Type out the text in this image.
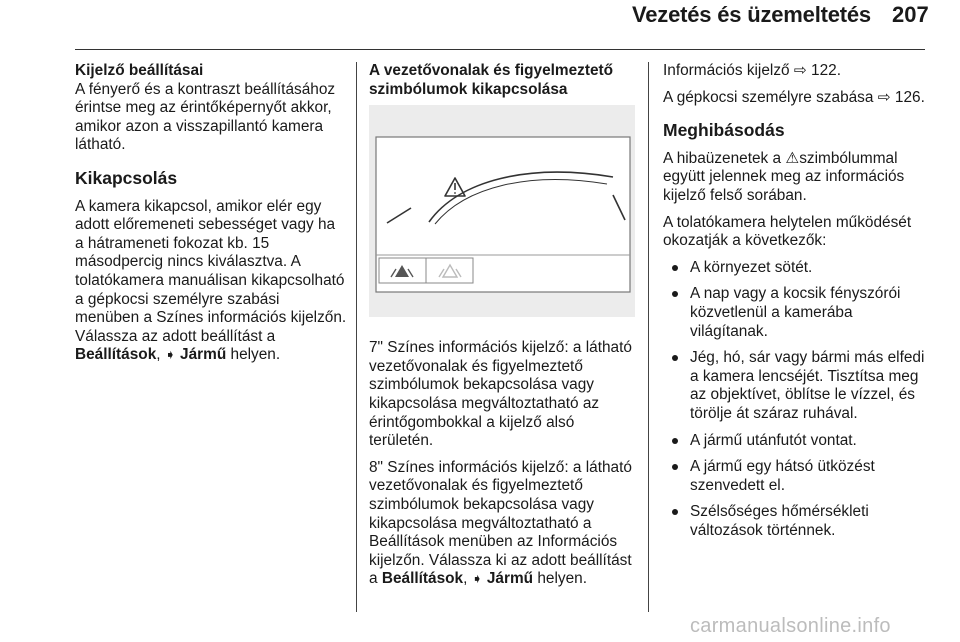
Vezetés és üzemeltetés 207

Kijelző beállításai

A fényerő és a kontraszt beállításához érintse meg az érintőképernyőt akkor, amikor azon a visszapillantó kamera látható.

Kikapcsolás

A kamera kikapcsol, amikor elér egy adott előremeneti sebességet vagy ha a hátrameneti fokozat kb. 15 másodpercig nincs kiválasztva. A tolatókamera manuálisan kikapcsolható a gépkocsi személyre szabási menüben a Színes információs kijelzőn. Válassza az adott beállítást a Beállítások, ➧ Jármű helyen.

A vezetővonalak és figyelmeztető szimbólumok kikapcsolása

7" Színes információs kijelző: a látható vezetővonalak és figyelmeztető szimbólumok bekapcsolása vagy kikapcsolása megváltoztatható az érintőgombokkal a kijelző alsó területén.

8" Színes információs kijelző: a látható vezetővonalak és figyelmeztető szimbólumok bekapcsolása vagy kikapcsolása megváltoztatható a Beállítások menüben az Információs kijelzőn. Válassza ki az adott beállítást a Beállítások, ➧ Jármű helyen.

Információs kijelző ⇨ 122.

A gépkocsi személyre szabása ⇨ 126.

Meghibásodás

A hibaüzenetek a ⚠szimbólummal együtt jelennek meg az információs kijelző felső sorában.

A tolatókamera helytelen működését okozatják a következők:

A környezet sötét.
A nap vagy a kocsik fényszórói közvetlenül a kamerába világítanak.
Jég, hó, sár vagy bármi más elfedi a kamera lencséjét. Tisztítsa meg az objektívet, öblítse le vízzel, és törölje át száraz ruhával.
A jármű utánfutót vontat.
A jármű egy hátsó ütközést szenvedett el.
Szélsőséges hőmérsékleti változások történnek.
carmanualsonline.info
